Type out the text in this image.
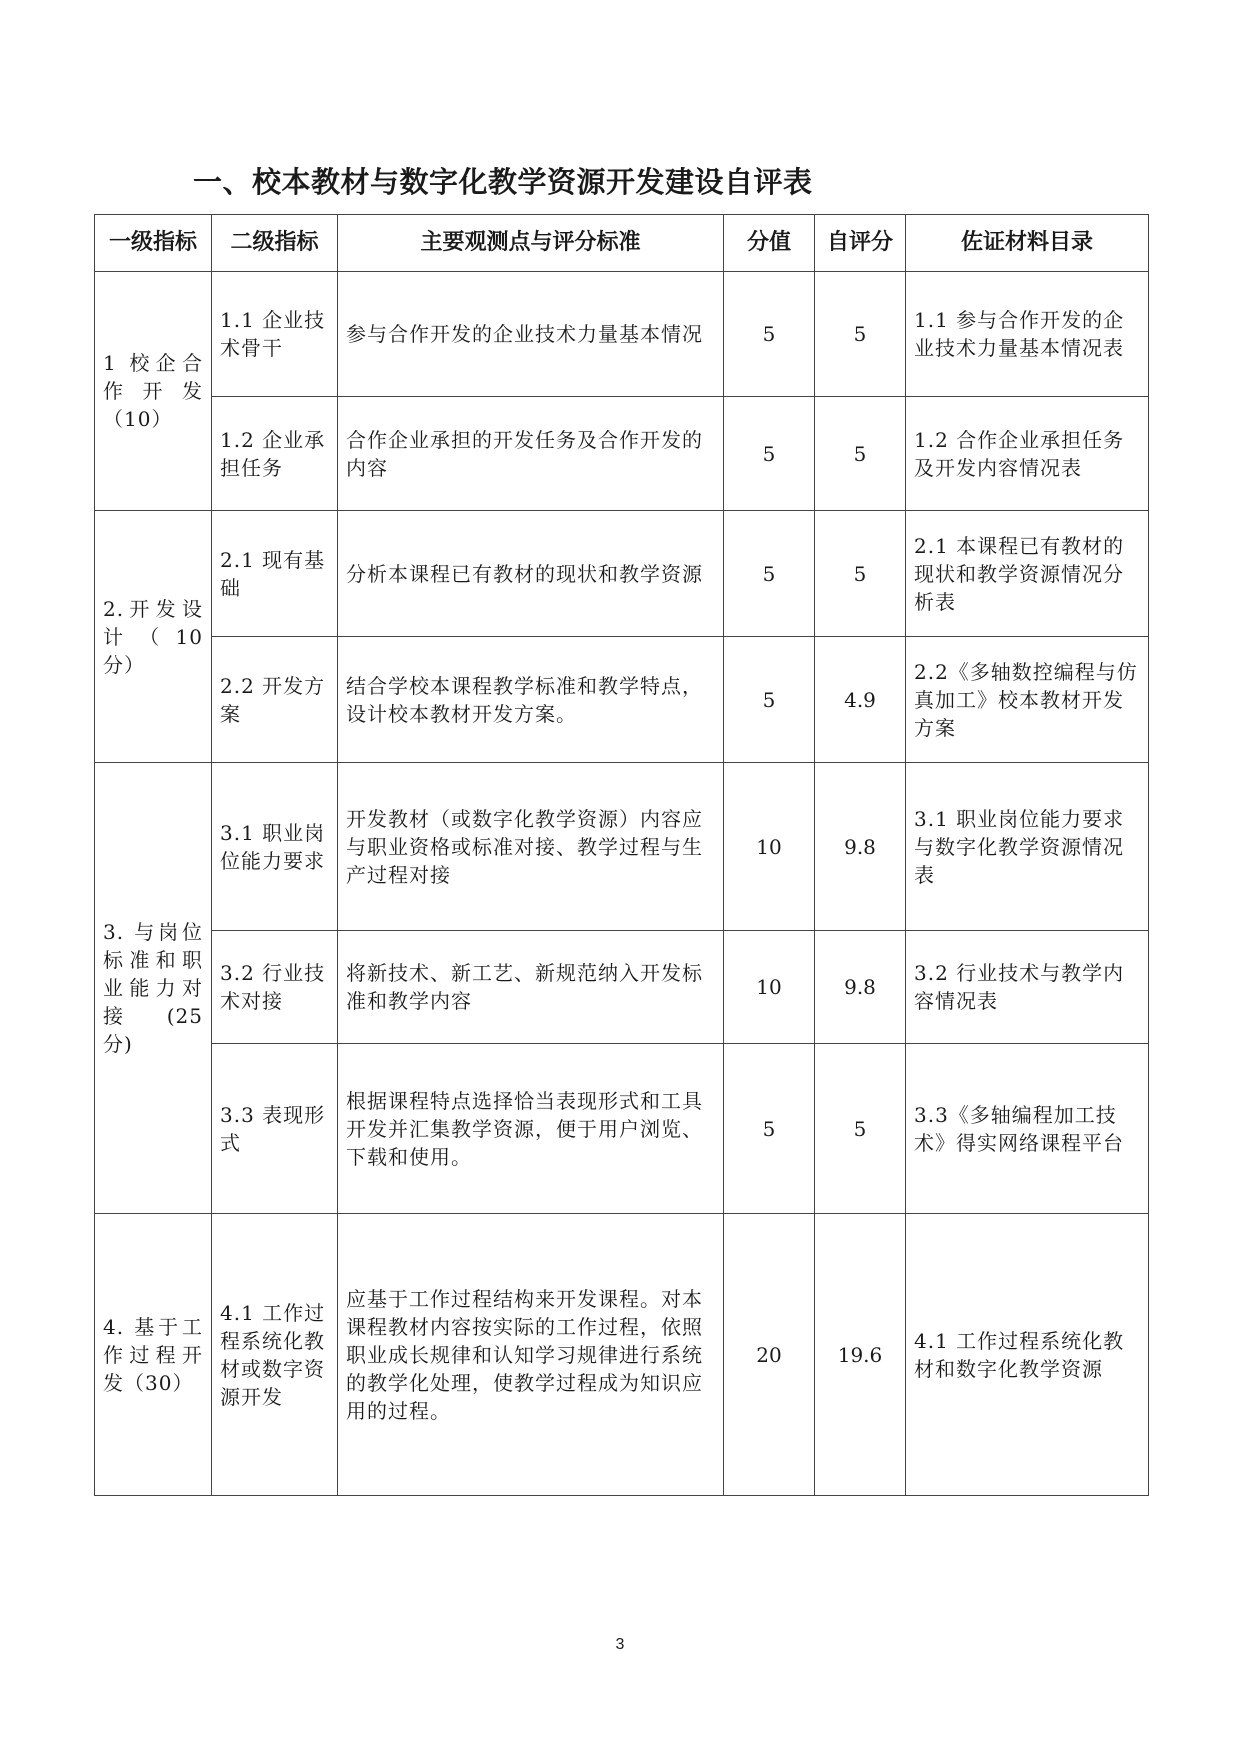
一、校本教材与数字化教学资源开发建设自评表
一级指标	二级指标	主要观测点与评分标准	分值	自评分	佐证材料目录
1 校企合作开发（10）	1.1 企业技术骨干	参与合作开发的企业技术力量基本情况	5	5	1.1 参与合作开发的企业技术力量基本情况表
	1.2 企业承担任务	合作企业承担的开发任务及合作开发的内容	5	5	1.2 合作企业承担任务及开发内容情况表
2.开发设计（10 分）	2.1 现有基础	分析本课程已有教材的现状和教学资源	5	5	2.1 本课程已有教材的现状和教学资源情况分析表
	2.2 开发方案	结合学校本课程教学标准和教学特点，设计校本教材开发方案。	5	4.9	2.2《多轴数控编程与仿真加工》校本教材开发方案
3. 与岗位标准和职业能力对接 (25 分)	3.1 职业岗位能力要求	开发教材（或数字化教学资源）内容应与职业资格或标准对接、教学过程与生产过程对接	10	9.8	3.1 职业岗位能力要求与数字化教学资源情况表
	3.2 行业技术对接	将新技术、新工艺、新规范纳入开发标准和教学内容	10	9.8	3.2 行业技术与教学内容情况表
	3.3 表现形式	根据课程特点选择恰当表现形式和工具开发并汇集教学资源，便于用户浏览、下载和使用。	5	5	3.3《多轴编程加工技术》得实网络课程平台
4. 基于工作过程开发（30）	4.1 工作过程系统化教材或数字资源开发	应基于工作过程结构来开发课程。对本课程教材内容按实际的工作过程，依照职业成长规律和认知学习规律进行系统的教学化处理，使教学过程成为知识应用的过程。	20	19.6	4.1 工作过程系统化教材和数字化教学资源
3
